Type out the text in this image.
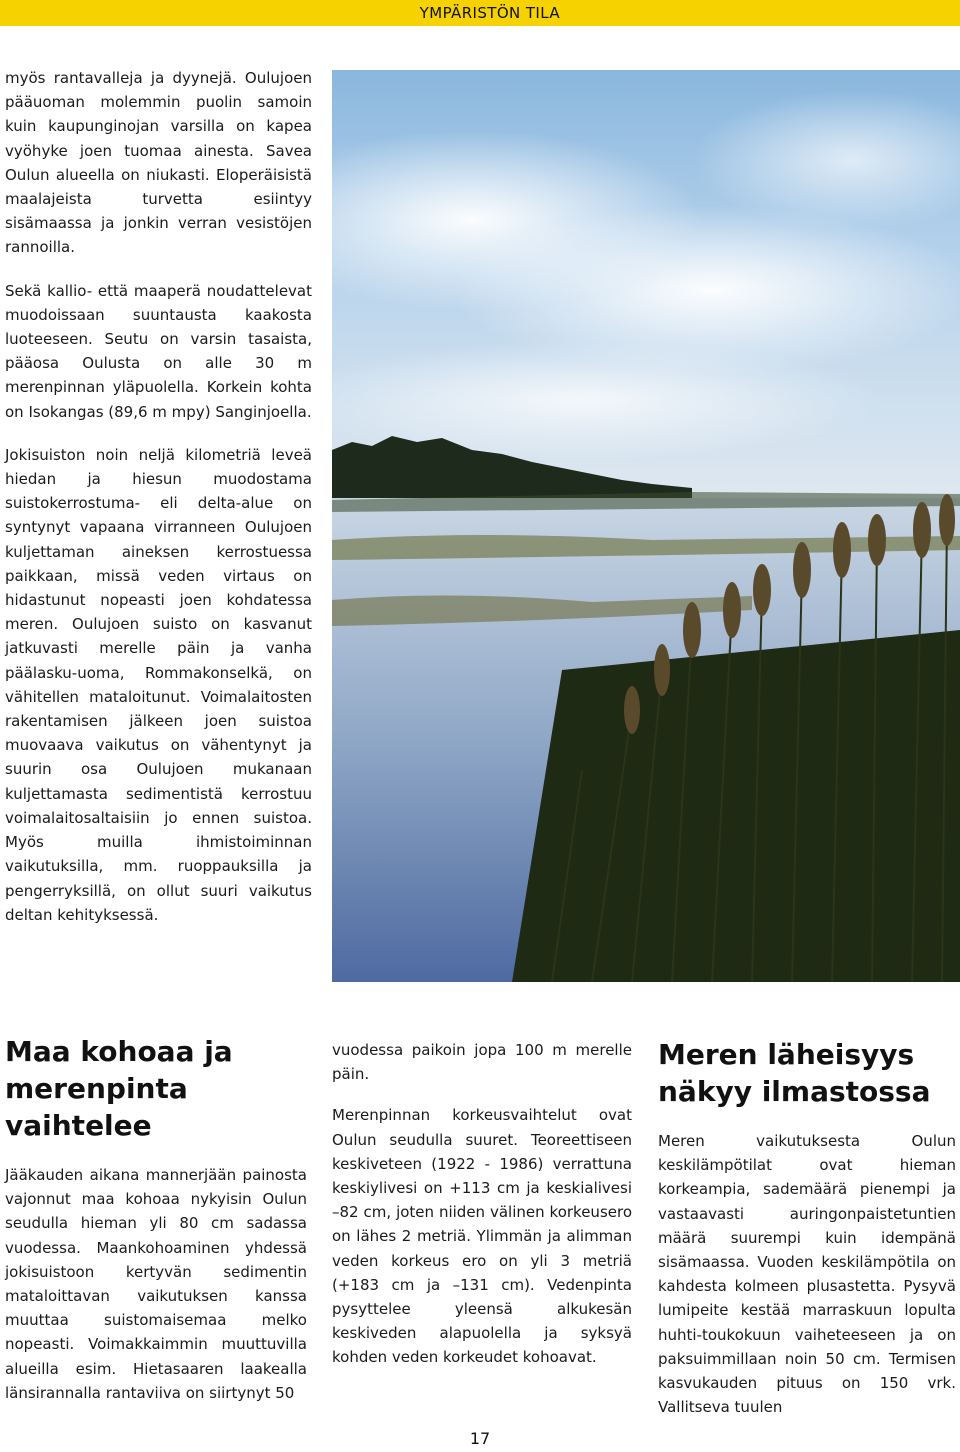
YMPÄRISTÖN TILA

myös rantavalleja ja dyynejä. Oulujoen pääuoman molemmin puolin samoin kuin kaupunginojan varsilla on kapea vyöhyke joen tuomaa ainesta. Savea Oulun alueella on niukasti. Eloperäisistä maalajeista turvetta esiintyy sisämaassa ja jonkin verran vesistöjen rannoilla.

Sekä kallio- että maaperä noudattelevat muodoissaan suuntausta kaakosta luoteeseen. Seutu on varsin tasaista, pääosa Oulusta on alle 30 m merenpinnan yläpuolella. Korkein kohta on Isokangas (89,6 m mpy) Sanginjoella.

Jokisuiston noin neljä kilometriä leveä hiedan ja hiesun muodostama suistokerrostuma- eli delta-alue on syntynyt vapaana virranneen Oulujoen kuljettaman aineksen kerrostuessa paikkaan, missä veden virtaus on hidastunut nopeasti joen kohdatessa meren. Oulujoen suisto on kasvanut jatkuvasti merelle päin ja vanha päälasku-uoma, Rommakonselkä, on vähitellen mataloitunut. Voimalaitosten rakentamisen jälkeen joen suistoa muovaava vaikutus on vähentynyt ja suurin osa Oulujoen mukanaan kuljettamasta sedimentistä kerrostuu voimalaitosaltaisiin jo ennen suistoa. Myös muilla ihmistoiminnan vaikutuksilla, mm. ruoppauksilla ja pengerryksillä, on ollut suuri vaikutus deltan kehityksessä.

Maa kohoaa ja merenpinta vaihtelee

Jääkauden aikana mannerjään painosta vajonnut maa kohoaa nykyisin Oulun seudulla hieman yli 80 cm sadassa vuodessa. Maankohoaminen yhdessä jokisuistoon kertyvän sedimentin mataloittavan vaikutuksen kanssa muuttaa suistomaisemaa melko nopeasti. Voimakkaimmin muuttuvilla alueilla esim. Hietasaaren laakealla länsirannalla rantaviiva on siirtynyt 50

vuodessa paikoin jopa 100 m merelle päin.

Merenpinnan korkeusvaihtelut ovat Oulun seudulla suuret. Teoreettiseen keskiveteen (1922 - 1986) verrattuna keskiylivesi on +113 cm ja keskialivesi –82 cm, joten niiden välinen korkeusero on lähes 2 metriä. Ylimmän ja alimman veden korkeus ero on yli 3 metriä (+183 cm ja –131 cm). Vedenpinta pysyttelee yleensä alkukesän keskiveden alapuolella ja syksyä kohden veden korkeudet kohoavat.

Meren läheisyys näkyy ilmastossa

Meren vaikutuksesta Oulun keskilämpötilat ovat hieman korkeampia, sademäärä pienempi ja vastaavasti auringonpaistetuntien määrä suurempi kuin idempänä sisämaassa. Vuoden keskilämpötila on kahdesta kolmeen plusastetta. Pysyvä lumipeite kestää marraskuun lopulta huhti-toukokuun vaiheteeseen ja on paksuimmillaan noin 50 cm. Termisen kasvukauden pituus on 150 vrk. Vallitseva tuulen

17
